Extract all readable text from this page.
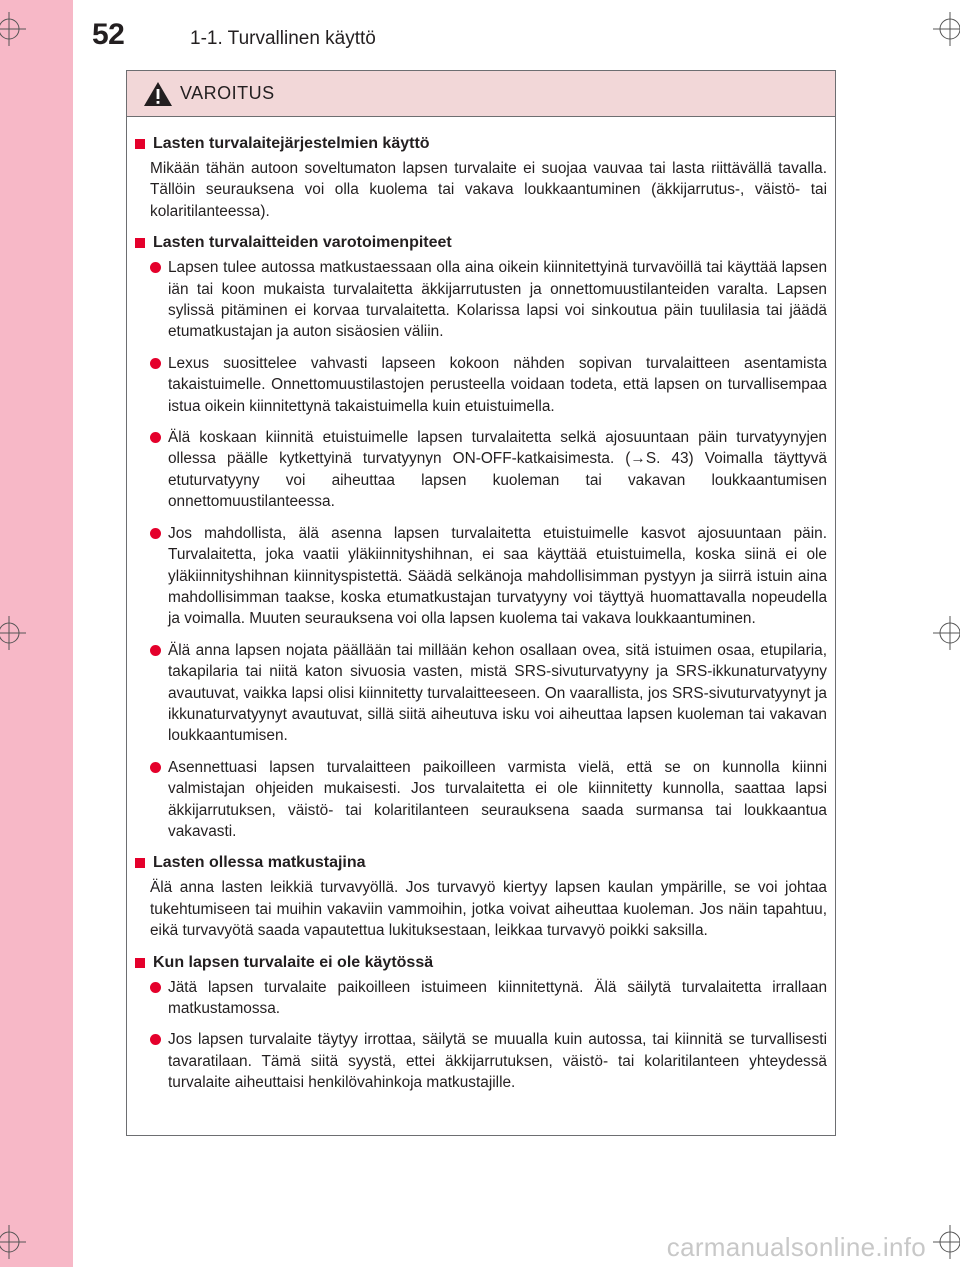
52	1-1. Turvallinen käyttö
VAROITUS
Lasten turvalaitejärjestelmien käyttö
Mikään tähän autoon soveltumaton lapsen turvalaite ei suojaa vauvaa tai lasta riittävällä tavalla. Tällöin seurauksena voi olla kuolema tai vakava loukkaantuminen (äkkijarrutus-, väistö- tai kolaritilanteessa).
Lasten turvalaitteiden varotoimenpiteet
Lapsen tulee autossa matkustaessaan olla aina oikein kiinnitettyinä turvavöillä tai käyttää lapsen iän tai koon mukaista turvalaitetta äkkijarrutusten ja onnettomuustilanteiden varalta. Lapsen sylissä pitäminen ei korvaa turvalaitetta. Kolarissa lapsi voi sinkoutua päin tuulilasia tai jäädä etumatkustajan ja auton sisäosien väliin.
Lexus suosittelee vahvasti lapseen kokoon nähden sopivan turvalaitteen asentamista takaistuimelle. Onnettomuustilastojen perusteella voidaan todeta, että lapsen on turvallisempaa istua oikein kiinnitettynä takaistuimella kuin etuistuimella.
Älä koskaan kiinnitä etuistuimelle lapsen turvalaitetta selkä ajosuuntaan päin turvatyynyjen ollessa päälle kytkettyinä turvatyynyn ON-OFF-katkaisimesta. (→S. 43) Voimalla täyttyvä etuturvatyyny voi aiheuttaa lapsen kuoleman tai vakavan loukkaantumisen onnettomuustilanteessa.
Jos mahdollista, älä asenna lapsen turvalaitetta etuistuimelle kasvot ajosuuntaan päin. Turvalaitetta, joka vaatii yläkiinnityshihnan, ei saa käyttää etuistuimella, koska siinä ei ole yläkiinnityshihnan kiinnityspistettä. Säädä selkänoja mahdollisimman pystyyn ja siirrä istuin aina mahdollisimman taakse, koska etumatkustajan turvatyyny voi täyttyä huomattavalla nopeudella ja voimalla. Muuten seurauksena voi olla lapsen kuolema tai vakava loukkaantuminen.
Älä anna lapsen nojata päällään tai millään kehon osallaan ovea, sitä istuimen osaa, etupilaria, takapilaria tai niitä katon sivuosia vasten, mistä SRS-sivuturvatyyny ja SRS-ikkunaturvatyyny avautuvat, vaikka lapsi olisi kiinnitetty turvalaitteeseen. On vaarallista, jos SRS-sivuturvatyynyt ja ikkunaturvatyynyt avautuvat, sillä siitä aiheutuva isku voi aiheuttaa lapsen kuoleman tai vakavan loukkaantumisen.
Asennettuasi lapsen turvalaitteen paikoilleen varmista vielä, että se on kunnolla kiinni valmistajan ohjeiden mukaisesti. Jos turvalaitetta ei ole kiinnitetty kunnolla, saattaa lapsi äkkijarrutuksen, väistö- tai kolaritilanteen seurauksena saada surmansa tai loukkaantua vakavasti.
Lasten ollessa matkustajina
Älä anna lasten leikkiä turvavyöllä. Jos turvavyö kiertyy lapsen kaulan ympärille, se voi johtaa tukehtumiseen tai muihin vakaviin vammoihin, jotka voivat aiheuttaa kuoleman. Jos näin tapahtuu, eikä turvavyötä saada vapautettua lukituksestaan, leikkaa turvavyö poikki saksilla.
Kun lapsen turvalaite ei ole käytössä
Jätä lapsen turvalaite paikoilleen istuimeen kiinnitettynä. Älä säilytä turvalaitetta irrallaan matkustamossa.
Jos lapsen turvalaite täytyy irrottaa, säilytä se muualla kuin autossa, tai kiinnitä se turvallisesti tavaratilaan. Tämä siitä syystä, ettei äkkijarrutuksen, väistö- tai kolaritilanteen yhteydessä turvalaite aiheuttaisi henkilövahinkoja matkustajille.
carmanualsonline.info
